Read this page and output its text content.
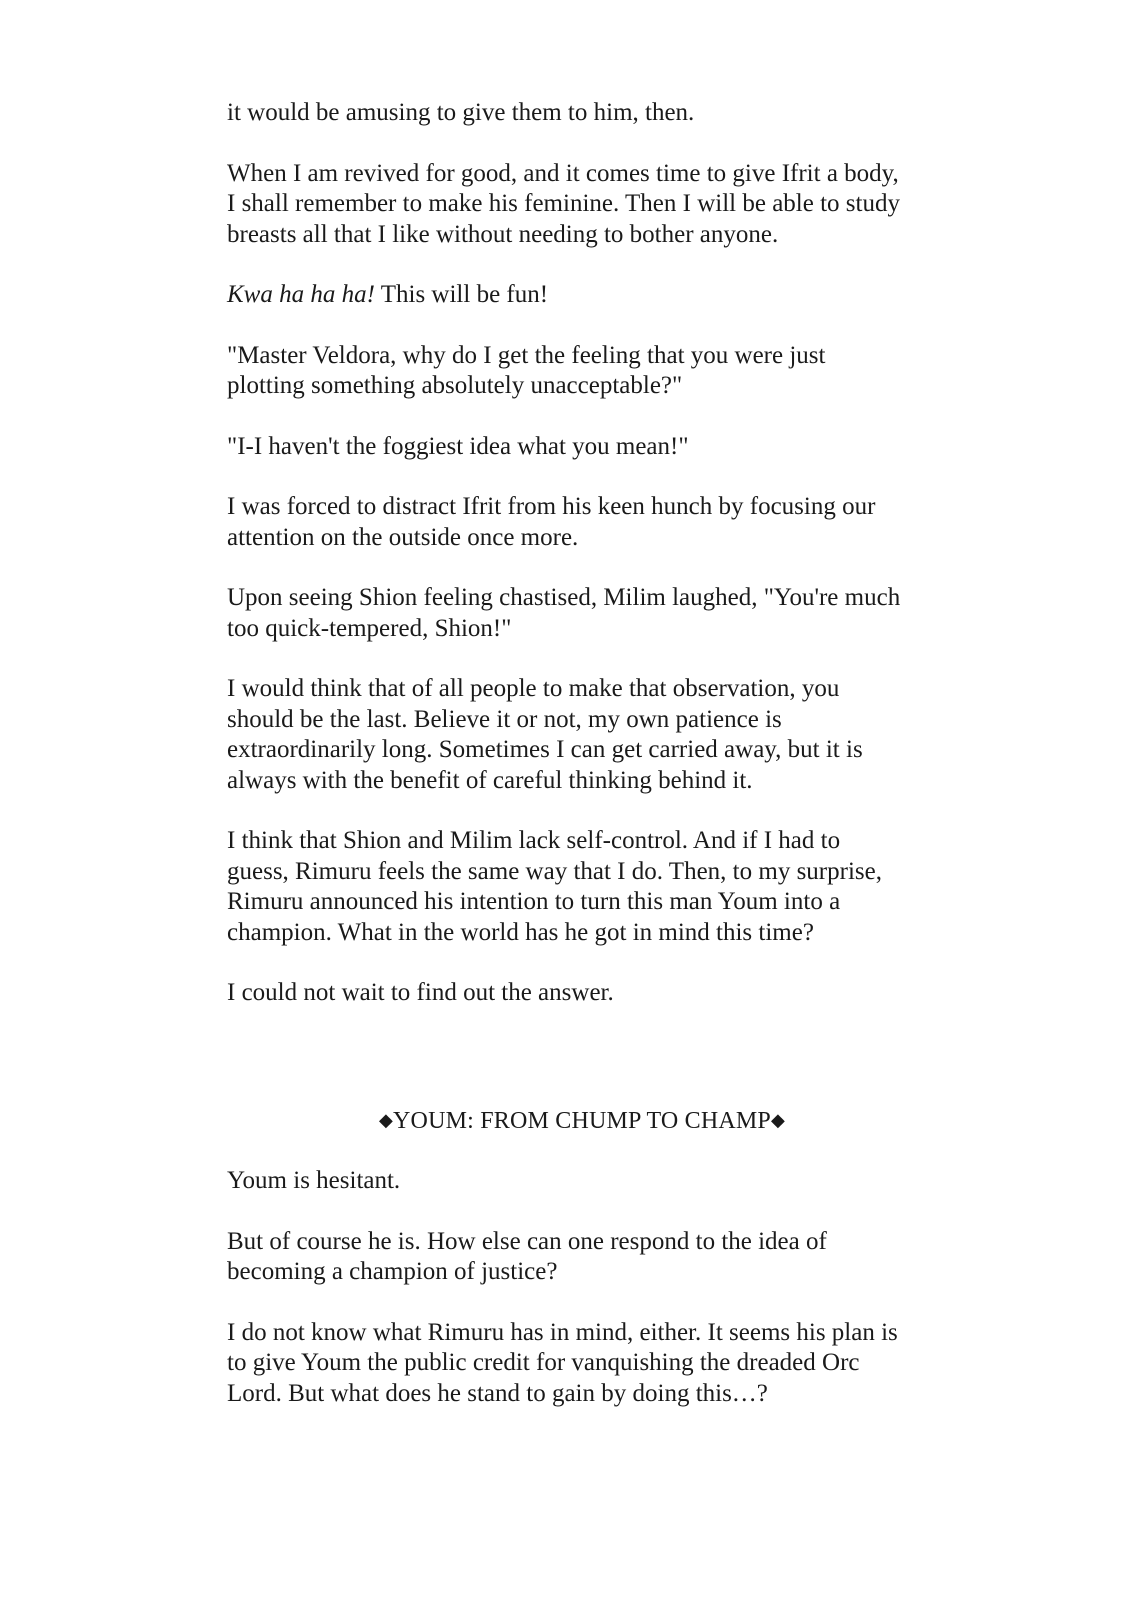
it would be amusing to give them to him, then.

When I am revived for good, and it comes time to give Ifrit a body, I shall remember to make his feminine. Then I will be able to study breasts all that I like without needing to bother anyone.

Kwa ha ha ha! This will be fun!

"Master Veldora, why do I get the feeling that you were just plotting something absolutely unacceptable?"

"I-I haven't the foggiest idea what you mean!"

I was forced to distract Ifrit from his keen hunch by focusing our attention on the outside once more.

Upon seeing Shion feeling chastised, Milim laughed, "You're much too quick-tempered, Shion!"

I would think that of all people to make that observation, you should be the last. Believe it or not, my own patience is extraordinarily long. Sometimes I can get carried away, but it is always with the benefit of careful thinking behind it.

I think that Shion and Milim lack self-control. And if I had to guess, Rimuru feels the same way that I do. Then, to my surprise, Rimuru announced his intention to turn this man Youm into a champion. What in the world has he got in mind this time?

I could not wait to find out the answer.

◆YOUM: FROM CHUMP TO CHAMP◆

Youm is hesitant.

But of course he is. How else can one respond to the idea of becoming a champion of justice?

I do not know what Rimuru has in mind, either. It seems his plan is to give Youm the public credit for vanquishing the dreaded Orc Lord. But what does he stand to gain by doing this…?
